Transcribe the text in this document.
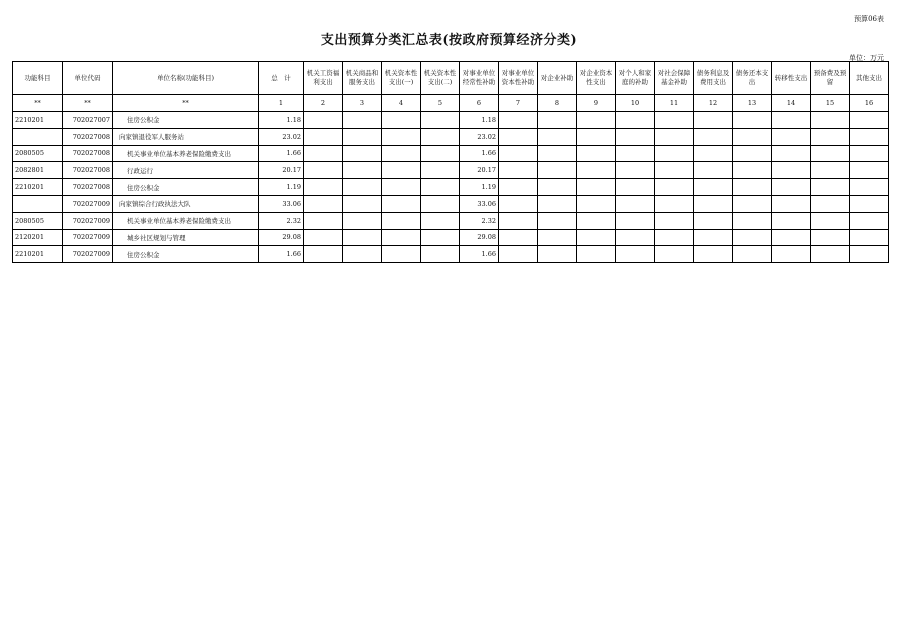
预算06表
支出预算分类汇总表(按政府预算经济分类)
单位：万元
功能科目	单位代码	单位名称(功能科目)	总　计	机关工资福利支出	机关商品和服务支出	机关资本性支出(一)	机关资本性支出(二)	对事业单位经常性补助	对事业单位资本性补助	对企业补助	对企业资本性支出	对个人和家庭的补助	对社会保障基金补助	债务利息及费用支出	债务还本支出	转移性支出	预备费及预留	其他支出
**	**	**	1	2	3	4	5	6	7	8	9	10	11	12	13	14	15	16
2210201	702027007	住房公积金	1.18					1.18										
	702027008	向家镇退役军人服务站	23.02					23.02										
2080505	702027008	机关事业单位基本养老保险缴费支出	1.66					1.66										
2082801	702027008	行政运行	20.17					20.17										
2210201	702027008	住房公积金	1.19					1.19										
	702027009	向家镇综合行政执法大队	33.06					33.06										
2080505	702027009	机关事业单位基本养老保险缴费支出	2.32					2.32										
2120201	702027009	城乡社区规划与管理	29.08					29.08										
2210201	702027009	住房公积金	1.66					1.66										
